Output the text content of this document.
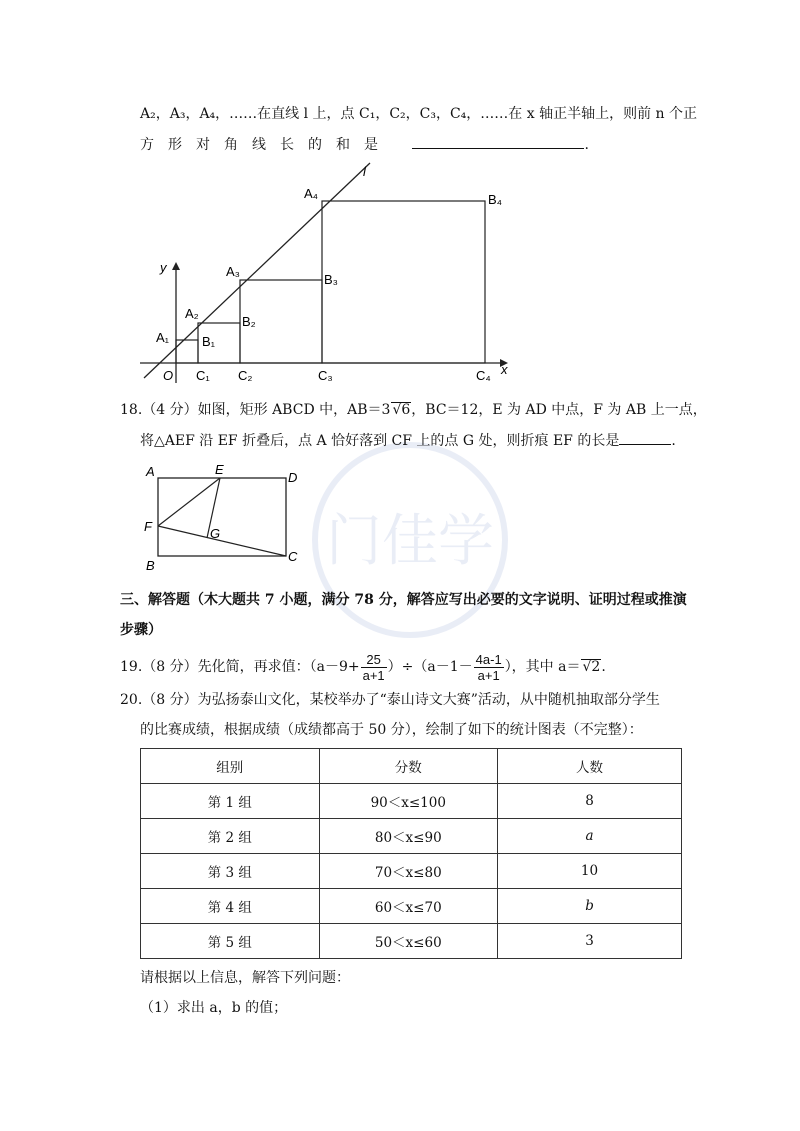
门佳学
A₂，A₃，A₄，……在直线 l 上，点 C₁，C₂，C₃，C₄，……在 x 轴正半轴上，则前 n 个正
方　形　对　角　线　长　的　和　是	.
l
y
x
O
A₁
A₂
A₃
A₄
B₁
B₂
B₃
B₄
C₁ C₂	C₃	C₄
18.（4 分）如图，矩形 ABCD 中，AB＝3 √6，BC＝12，E 为 AD 中点，F 为 AB 上一点，
将△AEF 沿 EF 折叠后，点 A 恰好落到 CF 上的点 G 处，则折痕 EF 的长是	.
A	E
D
F	G
B
C
三、解答题（木大题共 7 小题，满分 78 分，解答应写出必要的文字说明、证明过程或推演
步骤）
19.（8 分）先化简，再求值：$(a-9+ \frac{25}{a+1} )\div(a-1- \frac{4a-1}{a+1}$ ），其中 a＝ √2.
20.（8 分）为弘扬泰山文化，某校举办了“泰山诗文大赛”活动，从中随机抽取部分学生
的比赛成绩，根据成绩（成绩都高于 50 分），绘制了如下的统计图表（不完整）：
组别	分数	人数
第 1 组	90＜x≤100	8
第 2 组	80＜x≤90	a
第 3 组	70＜x≤80	10
第 4 组	60＜x≤70	b
第 5 组	50＜x≤60	3
请根据以上信息，解答下列问题：
（1）求出 a，b 的值；
